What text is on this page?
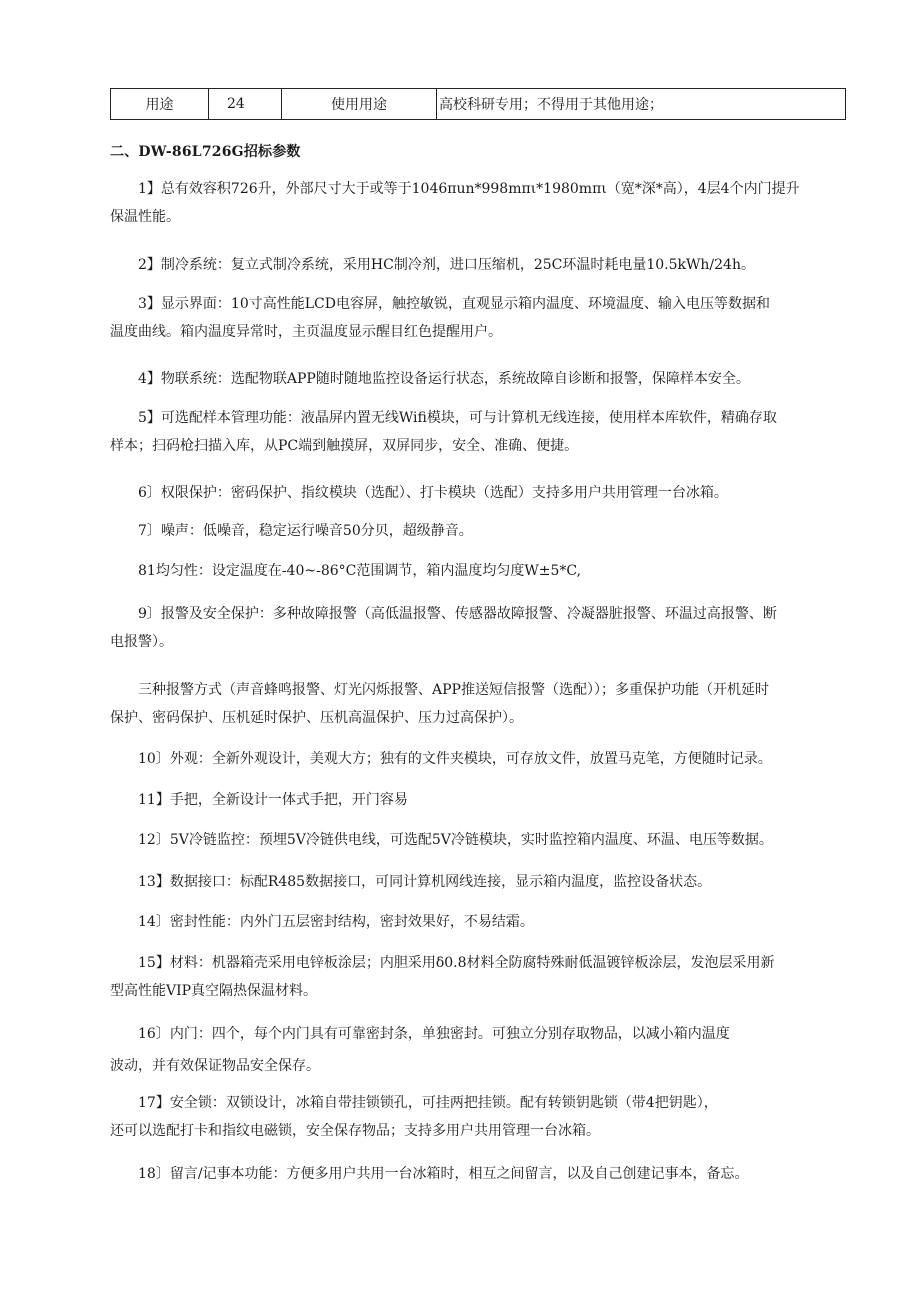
用途	24	使用用途	高校科研专用；不得用于其他用途；
二、DW-86L726G招标参数
1】总有效容积726升，外部尺寸大于或等于1046πun*998mπι*1980mπι（宽*深*高），4层4个内门提升
保温性能。
2】制冷系统：复立式制冷系统，采用HC制冷剂，进口压缩机，25C环温时耗电量10.5kWh∕24h。
3】显示界面：10寸高性能LCD电容屏，触控敏锐，直观显示箱内温度、环境温度、输入电压等数据和
温度曲线。箱内温度异常时，主页温度显示醒目红色提醒用户。
4】物联系统：选配物联APP随时随地监控设备运行状态，系统故障自诊断和报警，保障样本安全。
5】可选配样本管理功能：液晶屏内置无线Wifi模块，可与计算机无线连接，使用样本库软件，精确存取
样本；扫码枪扫描入库，从PC端到触摸屏，双屏同步，安全、准确、便捷。
6〕权限保护：密码保护、指纹模块（选配）、打卡模块（选配）支持多用户共用管理一台冰箱。
7〕噪声：低噪音，稳定运行噪音50分贝，超级静音。
81均匀性：设定温度在-40~-86°C范围调节，箱内温度均匀度W±5*C,
9〕报警及安全保护：多种故障报警（高低温报警、传感器故障报警、冷凝器脏报警、环温过高报警、断
电报警）。
三种报警方式（声音蜂鸣报警、灯光闪烁报警、APP推送短信报警（选配））；多重保护功能（开机延时
保护、密码保护、压机延时保护、压机高温保护、压力过高保护）。
10〕外观：全新外观设计，美观大方；独有的文件夹模块，可存放文件，放置马克笔，方便随时记录。
11】手把，全新设计一体式手把，开门容易
12〕5V冷链监控：预埋5V冷链供电线，可选配5V冷链模块，实时监控箱内温度、环温、电压等数据。
13】数据接口：标配R485数据接口，可同计算机网线连接，显示箱内温度，监控设备状态。
14〕密封性能：内外门五层密封结构，密封效果好，不易结霜。
15】材料：机器箱壳采用电锌板涂层；内胆采用δ0.8材料全防腐特殊耐低温镀锌板涂层，发泡层采用新
型高性能VIP真空隔热保温材料。
16〕内门：四个，每个内门具有可靠密封条，单独密封。可独立分别存取物品，以减小箱内温度
波动，并有效保证物品安全保存。
17】安全锁：双锁设计，冰箱自带挂锁锁孔，可挂两把挂锁。配有转锁钥匙锁（带4把钥匙），
还可以选配打卡和指纹电磁锁，安全保存物品；支持多用户共用管理一台冰箱。
18〕留言/记事本功能：方便多用户共用一台冰箱时，相互之间留言，以及自己创建记事本，备忘。
